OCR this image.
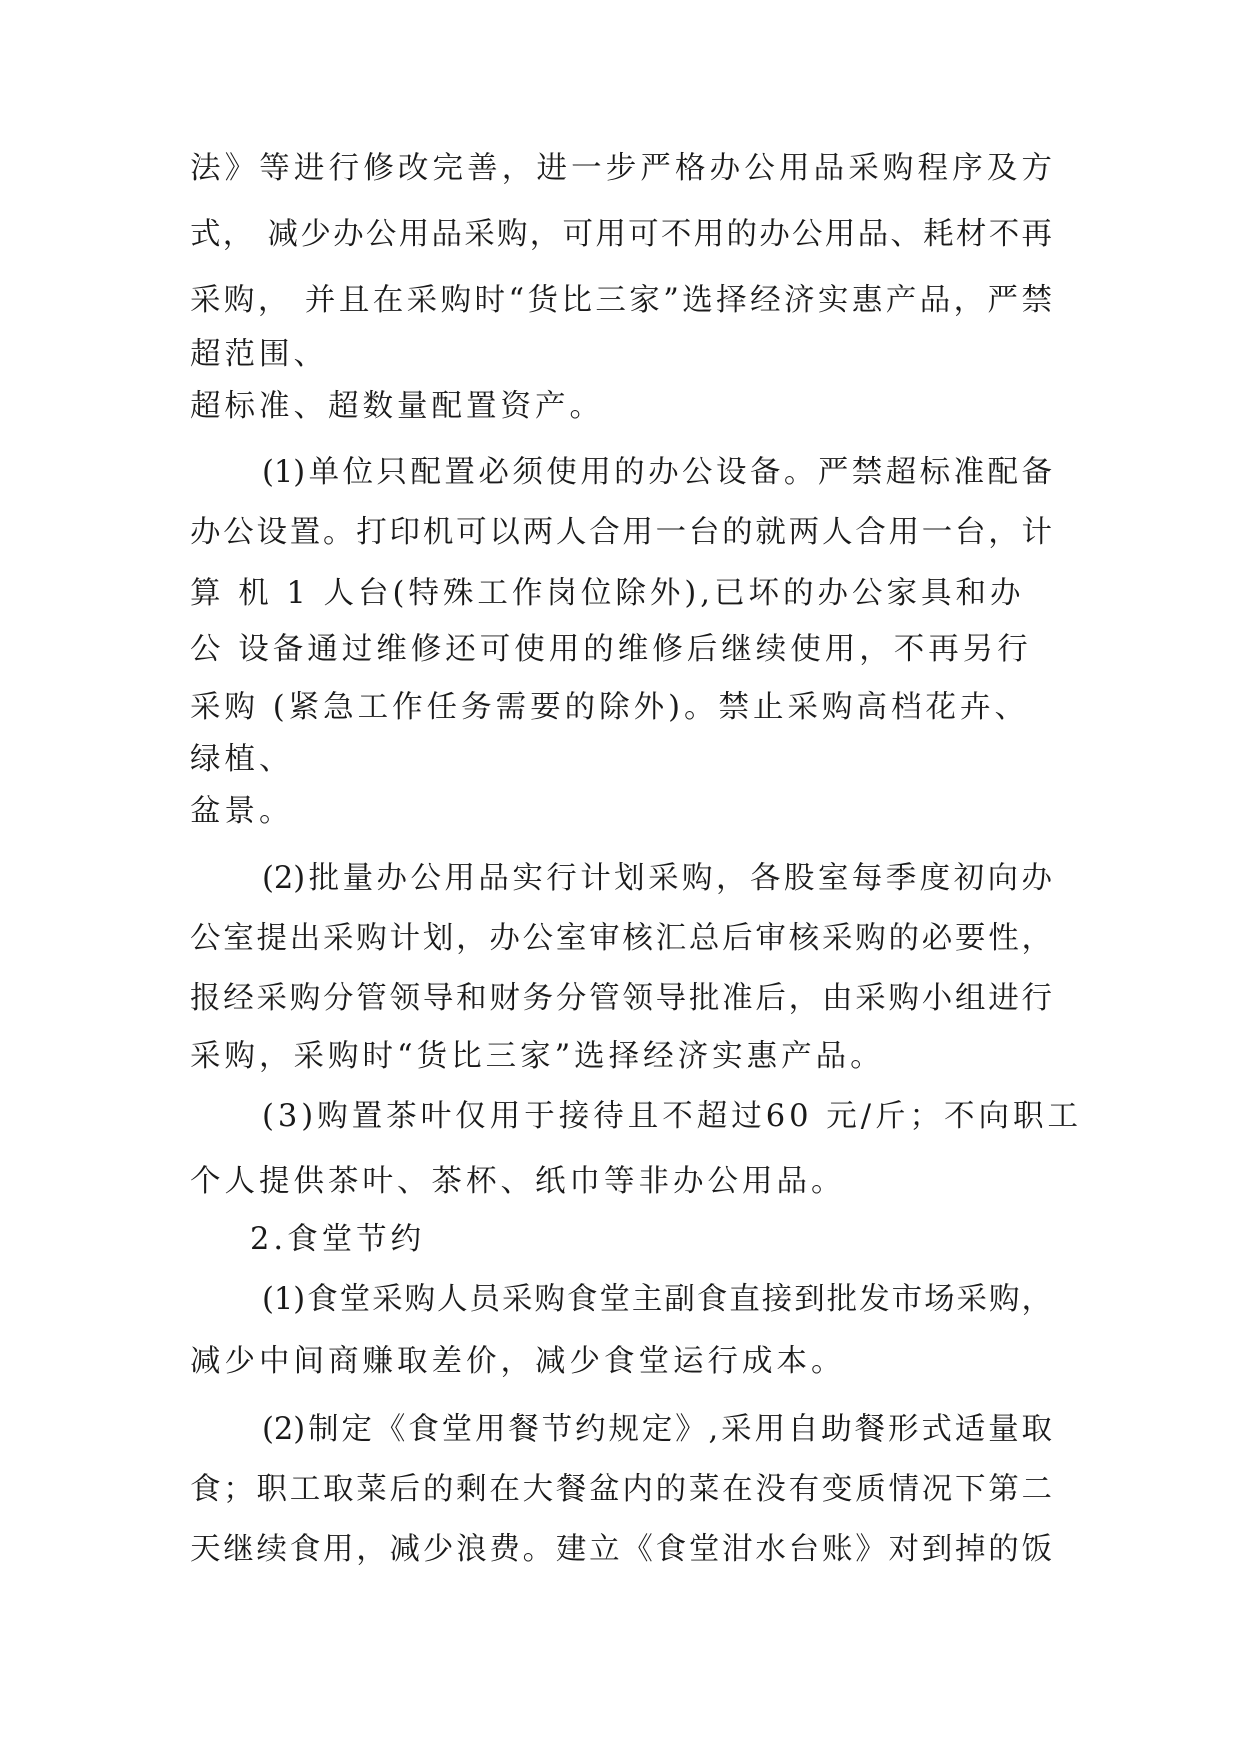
法》等进行修改完善，进一步严格办公用品采购程序及方
式， 减少办公用品采购，可用可不用的办公用品、耗材不再
采购， 并且在采购时“货比三家”选择经济实惠产品，严禁
超范围、
超标准、超数量配置资产。
(1)单位只配置必须使用的办公设备。严禁超标准配备
办公设置。打印机可以两人合用一台的就两人合用一台，计
算 机 1 人台(特殊工作岗位除外),已坏的办公家具和办
公 设备通过维修还可使用的维修后继续使用，不再另行
采购 (紧急工作任务需要的除外)。禁止采购高档花卉、
绿植、
盆景。
(2)批量办公用品实行计划采购，各股室每季度初向办
公室提出采购计划，办公室审核汇总后审核采购的必要性，
报经采购分管领导和财务分管领导批准后，由采购小组进行
采购，采购时“货比三家”选择经济实惠产品。
(3)购置茶叶仅用于接待且不超过60 元/斤；不向职工
个人提供茶叶、茶杯、纸巾等非办公用品。
2.食堂节约
(1)食堂采购人员采购食堂主副食直接到批发市场采购，
减少中间商赚取差价，减少食堂运行成本。
(2)制定《食堂用餐节约规定》,采用自助餐形式适量取
食；职工取菜后的剩在大餐盆内的菜在没有变质情况下第二
天继续食用，减少浪费。建立《食堂泔水台账》对到掉的饭
